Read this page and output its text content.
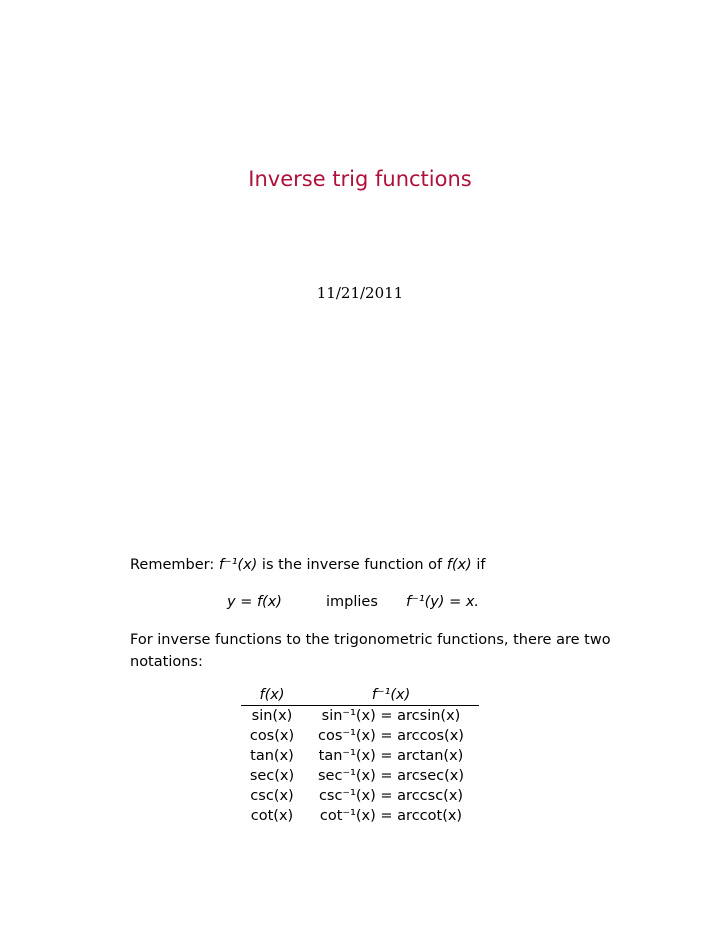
Inverse trig functions
11/21/2011
Remember: f⁻¹(x) is the inverse function of f(x) if
y = f(x)	implies f⁻¹(y) = x.
For inverse functions to the trigonometric functions, there are two
notations:
f(x)	f⁻¹(x)
sin(x)	sin⁻¹(x) = arcsin(x)
cos(x)	cos⁻¹(x) = arccos(x)
tan(x)	tan⁻¹(x) = arctan(x)
sec(x)	sec⁻¹(x) = arcsec(x)
csc(x)	csc⁻¹(x) = arccsc(x)
cot(x)	cot⁻¹(x) = arccot(x)
